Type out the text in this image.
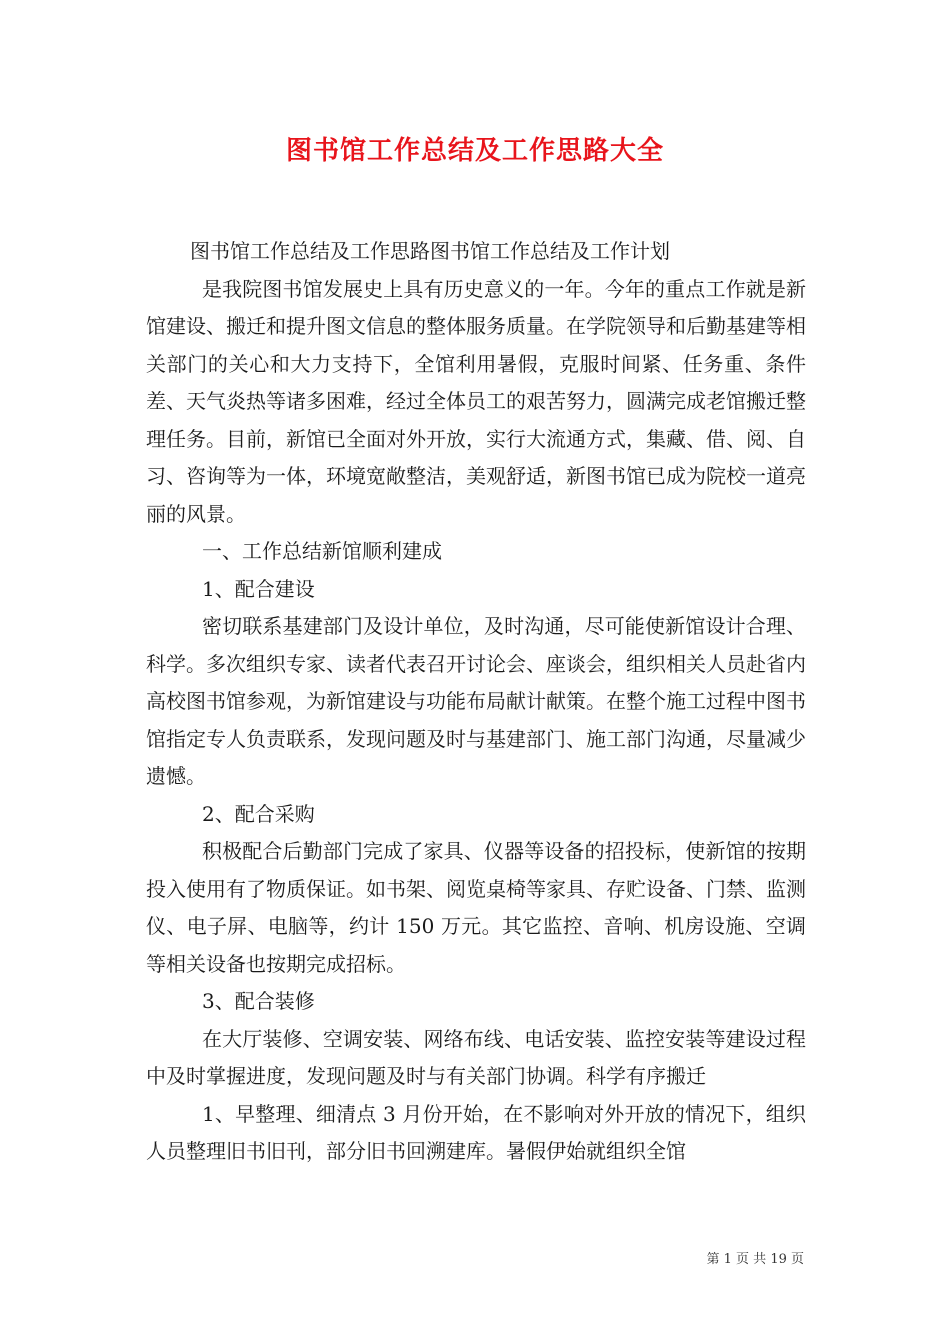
图书馆工作总结及工作思路大全

图书馆工作总结及工作思路图书馆工作总结及工作计划

是我院图书馆发展史上具有历史意义的一年。今年的重点工作就是新馆建设、搬迁和提升图文信息的整体服务质量。在学院领导和后勤基建等相关部门的关心和大力支持下，全馆利用暑假，克服时间紧、任务重、条件差、天气炎热等诸多困难，经过全体员工的艰苦努力，圆满完成老馆搬迁整理任务。目前，新馆已全面对外开放，实行大流通方式，集藏、借、阅、自习、咨询等为一体，环境宽敞整洁，美观舒适，新图书馆已成为院校一道亮丽的风景。

一、工作总结新馆顺利建成

1、配合建设

密切联系基建部门及设计单位，及时沟通，尽可能使新馆设计合理、科学。多次组织专家、读者代表召开讨论会、座谈会，组织相关人员赴省内高校图书馆参观，为新馆建设与功能布局献计献策。在整个施工过程中图书馆指定专人负责联系，发现问题及时与基建部门、施工部门沟通，尽量减少遗憾。

2、配合采购

积极配合后勤部门完成了家具、仪器等设备的招投标，使新馆的按期投入使用有了物质保证。如书架、阅览桌椅等家具、存贮设备、门禁、监测仪、电子屏、电脑等，约计 150 万元。其它监控、音响、机房设施、空调等相关设备也按期完成招标。

3、配合装修

在大厅装修、空调安装、网络布线、电话安装、监控安装等建设过程中及时掌握进度，发现问题及时与有关部门协调。科学有序搬迁

1、早整理、细清点 3 月份开始，在不影响对外开放的情况下，组织人员整理旧书旧刊，部分旧书回溯建库。暑假伊始就组织全馆

第 1 页 共 19 页
